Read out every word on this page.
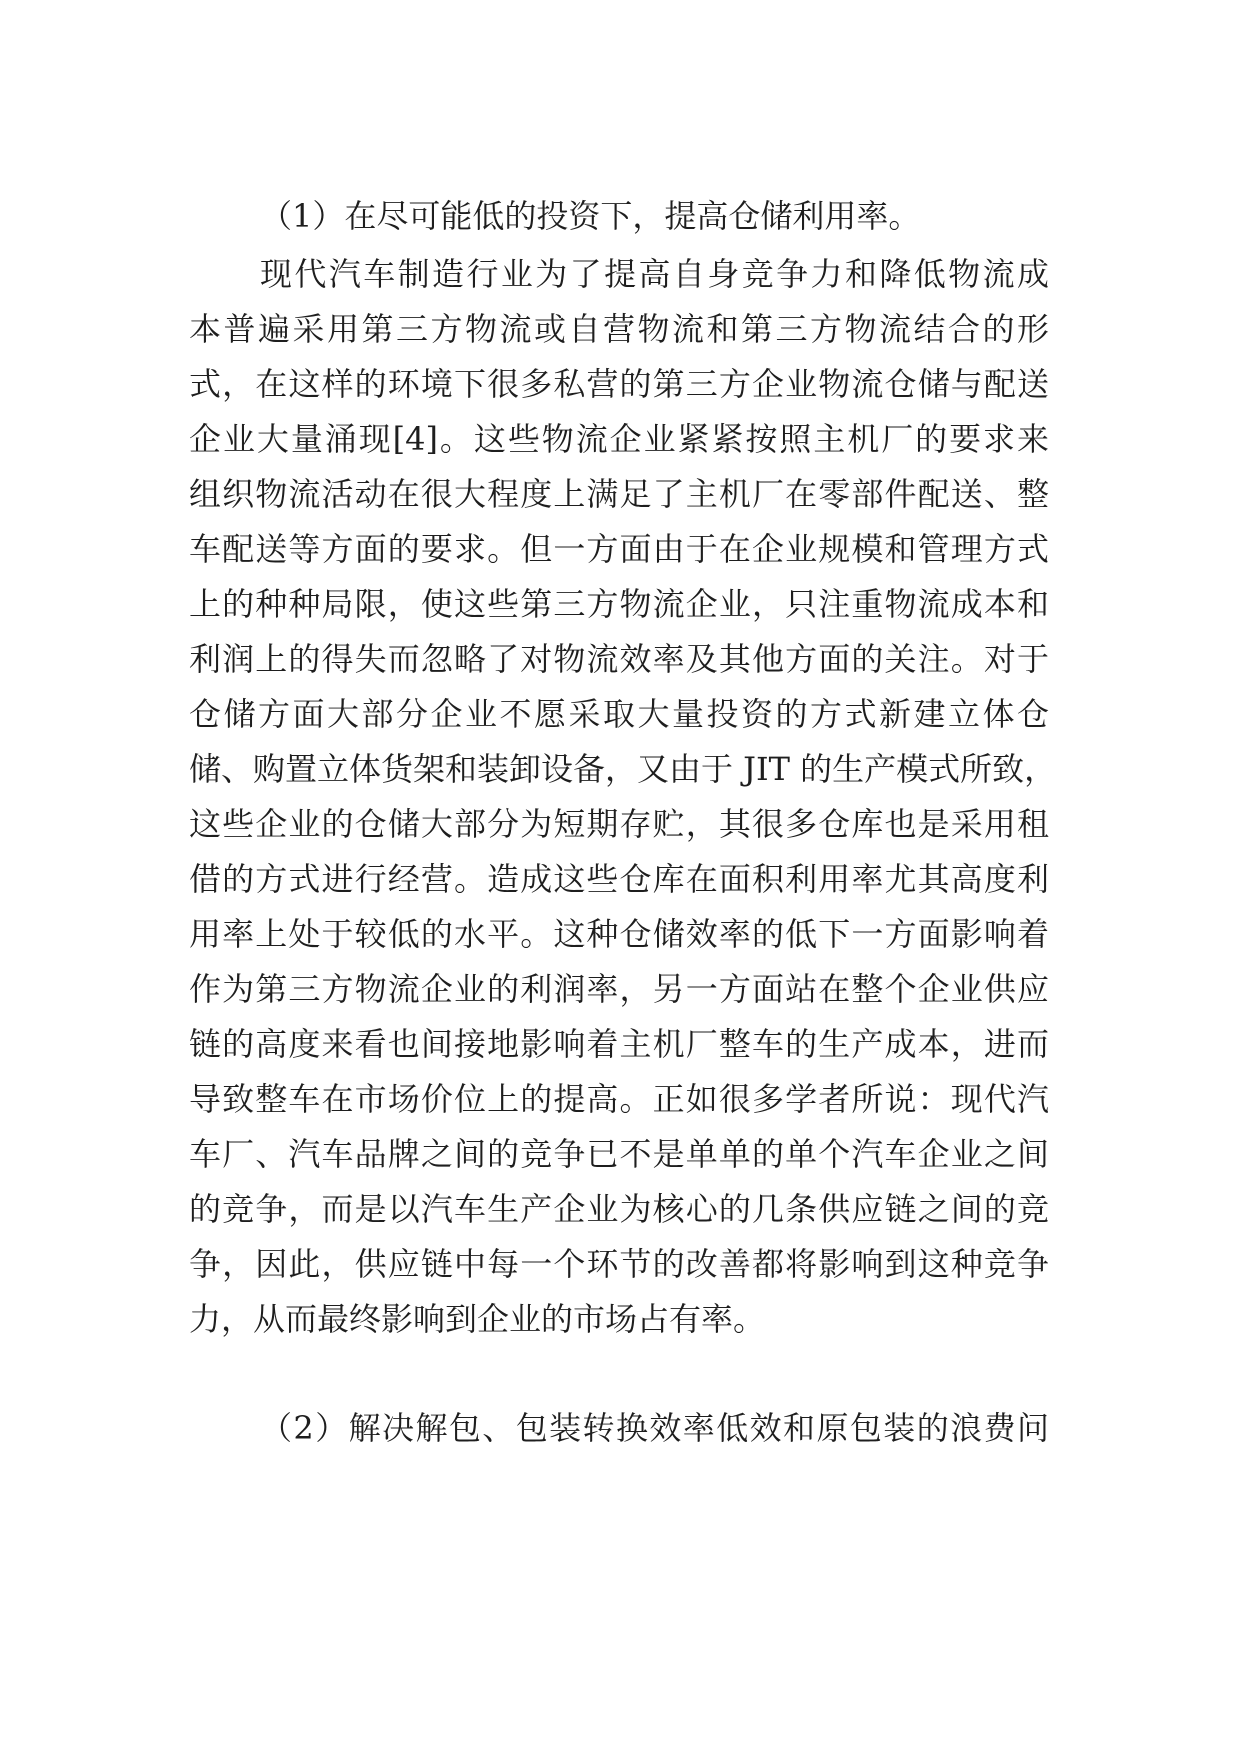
（1）在尽可能低的投资下，提高仓储利用率。

现代汽车制造行业为了提高自身竞争力和降低物流成

本普遍采用第三方物流或自营物流和第三方物流结合的形

式，在这样的环境下很多私营的第三方企业物流仓储与配送

企业大量涌现[4]。这些物流企业紧紧按照主机厂的要求来

组织物流活动在很大程度上满足了主机厂在零部件配送、整

车配送等方面的要求。但一方面由于在企业规模和管理方式

上的种种局限，使这些第三方物流企业，只注重物流成本和

利润上的得失而忽略了对物流效率及其他方面的关注。对于

仓储方面大部分企业不愿采取大量投资的方式新建立体仓

储、购置立体货架和装卸设备，又由于 JIT 的生产模式所致，

这些企业的仓储大部分为短期存贮，其很多仓库也是采用租

借的方式进行经营。造成这些仓库在面积利用率尤其高度利

用率上处于较低的水平。这种仓储效率的低下一方面影响着

作为第三方物流企业的利润率，另一方面站在整个企业供应

链的高度来看也间接地影响着主机厂整车的生产成本，进而

导致整车在市场价位上的提高。正如很多学者所说：现代汽

车厂、汽车品牌之间的竞争已不是单单的单个汽车企业之间

的竞争，而是以汽车生产企业为核心的几条供应链之间的竞

争，因此，供应链中每一个环节的改善都将影响到这种竞争

力，从而最终影响到企业的市场占有率。

（2）解决解包、包装转换效率低效和原包装的浪费问
